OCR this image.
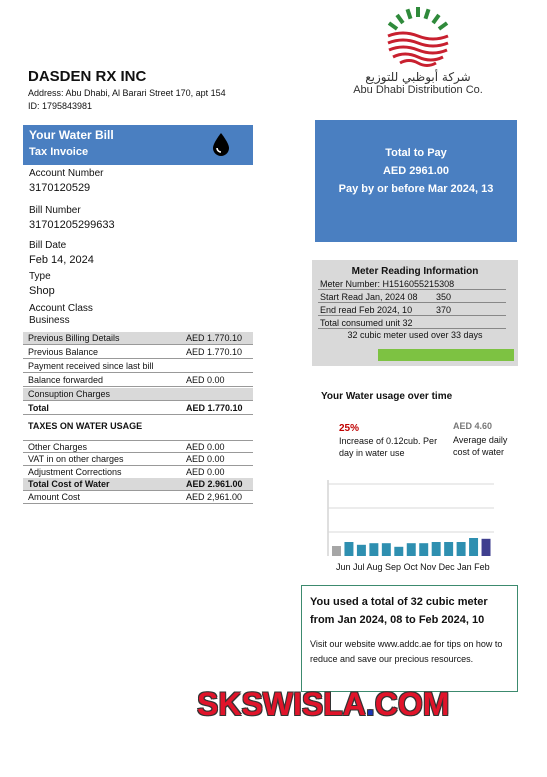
شركة أبوظبي للتوزيع
Abu Dhabi Distribution Co.
DASDEN RX INC
Address: Abu Dhabi, Al Barari Street 170, apt 154
ID: 1795843981
Your Water Bill
Tax Invoice
Account Number
3170120529
Bill Number
31701205299633
Bill Date
Feb 14, 2024
Type
Shop
Account Class
Business
Previous Billing Details	AED 1.770.10
Previous Balance	AED 1.770.10
Payment received since last bill
Balance forwarded	AED 0.00
Consuption Charges
Total	AED 1.770.10
TAXES ON WATER USAGE
Other Charges	AED 0.00
VAT in on other charges	AED 0.00
Adjustment Corrections	AED 0.00
Total Cost of Water	AED 2.961.00
Amount Cost	AED 2,961.00
Total to Pay
AED 2961.00
Pay by or before Mar 2024, 13
Meter Reading Information
Meter Number: H1516055215308
Start Read Jan, 2024 08 350
End read Feb 2024, 10	370
Total consumed unit 32
32 cubic meter used over 33 days
Your Water usage over time
25%
Increase of 0.12cub. Per day in water use
AED 4.60
Average daily cost of water
Jun Jul Aug Sep Oct Nov Dec Jan Feb
You used a total of 32 cubic meter from Jan 2024, 08 to Feb 2024, 10
Visit our website www.addc.ae for tips on how to reduce and save our precious resources.
SKSWISLA.COM
